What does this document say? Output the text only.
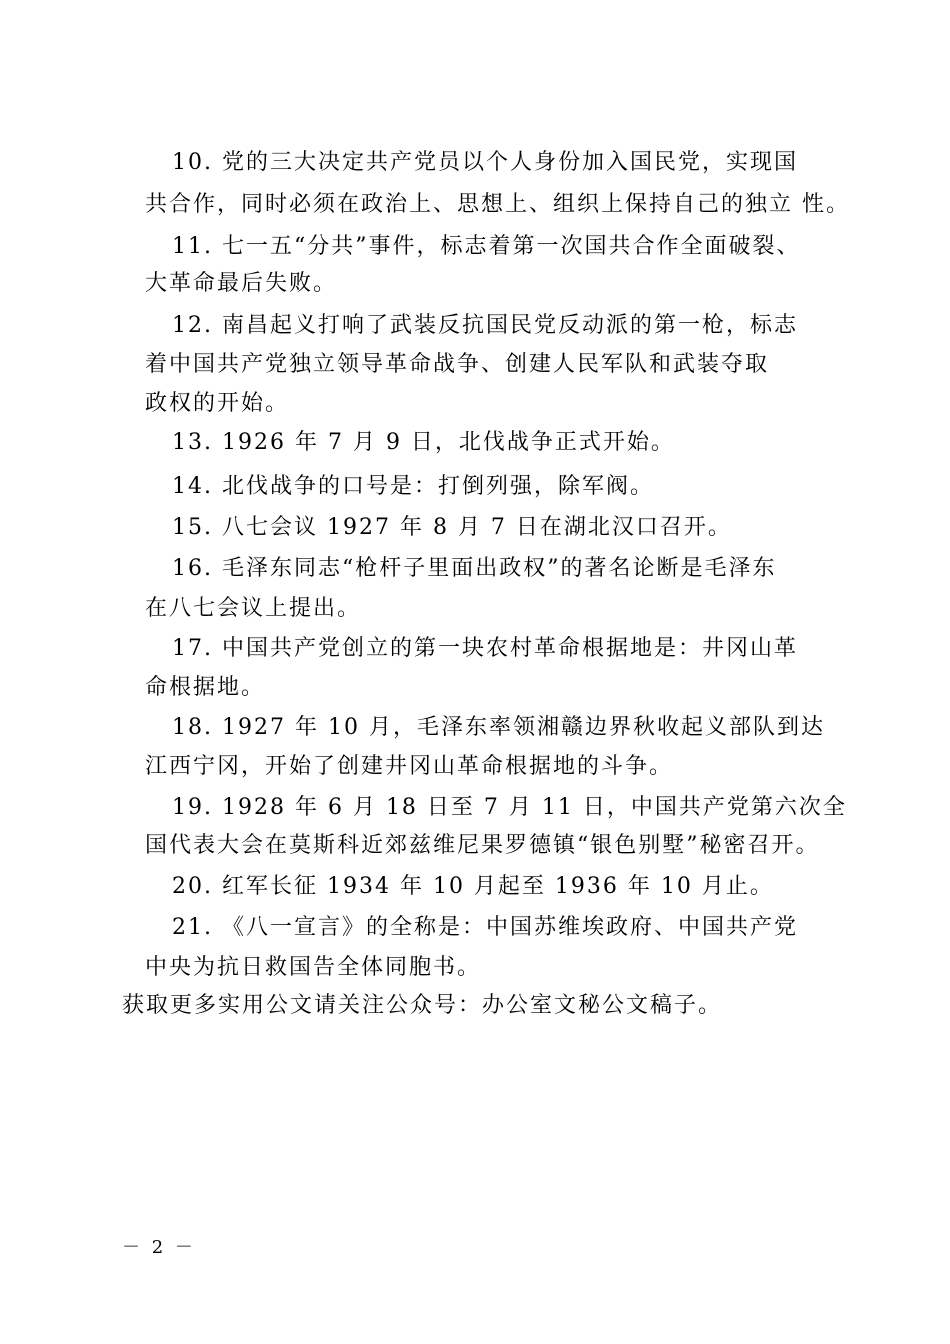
10. 党的三大决定共产党员以个人身份加入国民党，实现国
共合作，同时必须在政治上、思想上、组织上保持自己的独立 性。
11. 七一五“分共”事件，标志着第一次国共合作全面破裂、
大革命最后失败。
12. 南昌起义打响了武装反抗国民党反动派的第一枪，标志
着中国共产党独立领导革命战争、创建人民军队和武装夺取
政权的开始。
13. 1926 年 7 月 9 日，北伐战争正式开始。
14. 北伐战争的口号是：打倒列强，除军阀。
15. 八七会议 1927 年 8 月 7 日在湖北汉口召开。
16. 毛泽东同志“枪杆子里面出政权”的著名论断是毛泽东
在八七会议上提出。
17. 中国共产党创立的第一块农村革命根据地是：井冈山革
命根据地。
18. 1927 年 10 月，毛泽东率领湘赣边界秋收起义部队到达
江西宁冈，开始了创建井冈山革命根据地的斗争。
19. 1928 年 6 月 18 日至 7 月 11 日，中国共产党第六次全
国代表大会在莫斯科近郊兹维尼果罗德镇“银色别墅”秘密召开。
20. 红军长征 1934 年 10 月起至 1936 年 10 月止。
21. 《八一宣言》的全称是：中国苏维埃政府、中国共产党
中央为抗日救国告全体同胞书。
获取更多实用公文请关注公众号：办公室文秘公文稿子。
－ 2 －
